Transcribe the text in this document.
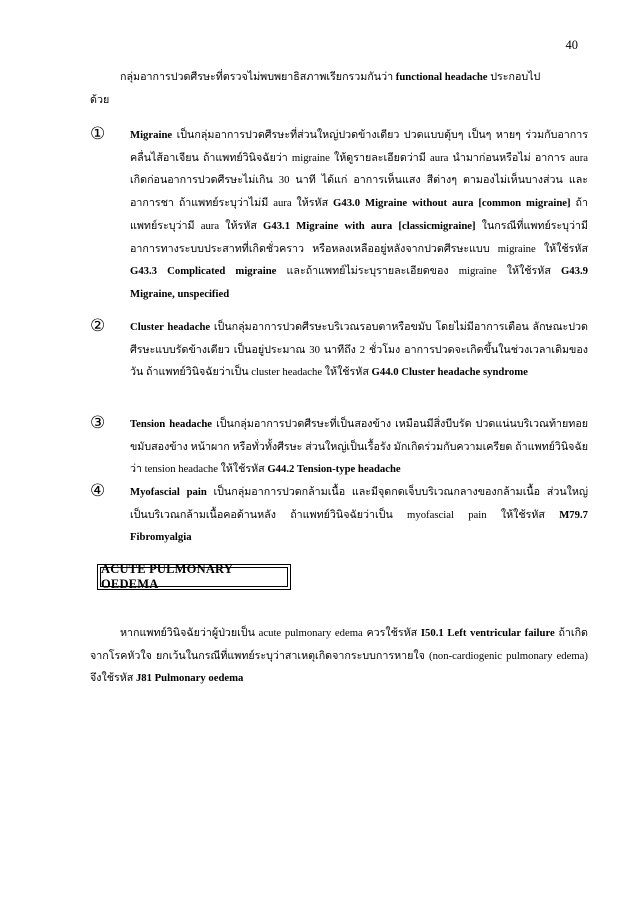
40

กลุ่มอาการปวดศีรษะที่ตรวจไม่พบพยาธิสภาพเรียกรวมกันว่า functional headache ประกอบไป
ด้วย

①	Migraine เป็นกลุ่มอาการปวดศีรษะที่ส่วนใหญ่ปวดข้างเดียว ปวดแบบตุ้บๆ เป็นๆ หายๆ ร่วมกับอาการคลื่นไส้อาเจียน ถ้าแพทย์วินิจฉัยว่า migraine ให้ดูรายละเอียดว่ามี aura นำมาก่อนหรือไม่ อาการ aura เกิดก่อนอาการปวดศีรษะไม่เกิน 30 นาที ได้แก่ อาการเห็นแสง สีต่างๆ ตามองไม่เห็นบางส่วน และอาการชา ถ้าแพทย์ระบุว่าไม่มี aura ให้รหัส G43.0 Migraine without aura [common migraine] ถ้าแพทย์ระบุว่ามี aura ให้รหัส G43.1 Migraine with aura [classicmigraine] ในกรณีที่แพทย์ระบุว่ามีอาการทางระบบประสาทที่เกิดชั่วคราว หรือหลงเหลืออยู่หลังจากปวดศีรษะแบบ migraine ให้ใช้รหัส G43.3 Complicated migraine และถ้าแพทย์ไม่ระบุรายละเอียดของ migraine ให้ใช้รหัส G43.9 Migraine, unspecified
②	Cluster headache เป็นกลุ่มอาการปวดศีรษะบริเวณรอบตาหรือขมับ โดยไม่มีอาการเตือน ลักษณะปวดศีรษะแบบรัดข้างเดียว เป็นอยู่ประมาณ 30 นาทีถึง 2 ชั่วโมง อาการปวดจะเกิดขึ้นในช่วงเวลาเดิมของวัน ถ้าแพทย์วินิจฉัยว่าเป็น cluster headache ให้ใช้รหัส G44.0 Cluster headache syndrome
③	Tension headache เป็นกลุ่มอาการปวดศีรษะที่เป็นสองข้าง เหมือนมีสิ่งบีบรัด ปวดแน่นบริเวณท้ายทอย ขมับสองข้าง หน้าผาก หรือทั่วทั้งศีรษะ ส่วนใหญ่เป็นเรื้อรัง มักเกิดร่วมกับความเครียด ถ้าแพทย์วินิจฉัยว่า tension headache ให้ใช้รหัส G44.2 Tension-type headache
④	Myofascial pain เป็นกลุ่มอาการปวดกล้ามเนื้อ และมีจุดกดเจ็บบริเวณกลางของกล้ามเนื้อ ส่วนใหญ่เป็นบริเวณกล้ามเนื้อคอด้านหลัง ถ้าแพทย์วินิจฉัยว่าเป็น myofascial pain ให้ใช้รหัส M79.7 Fibromyalgia
ACUTE PULMONARY OEDEMA

หากแพทย์วินิจฉัยว่าผู้ป่วยเป็น acute pulmonary edema ควรใช้รหัส I50.1 Left ventricular failure ถ้าเกิดจากโรคหัวใจ ยกเว้นในกรณีที่แพทย์ระบุว่าสาเหตุเกิดจากระบบการหายใจ (non-cardiogenic pulmonary edema) จึงใช้รหัส J81 Pulmonary oedema
